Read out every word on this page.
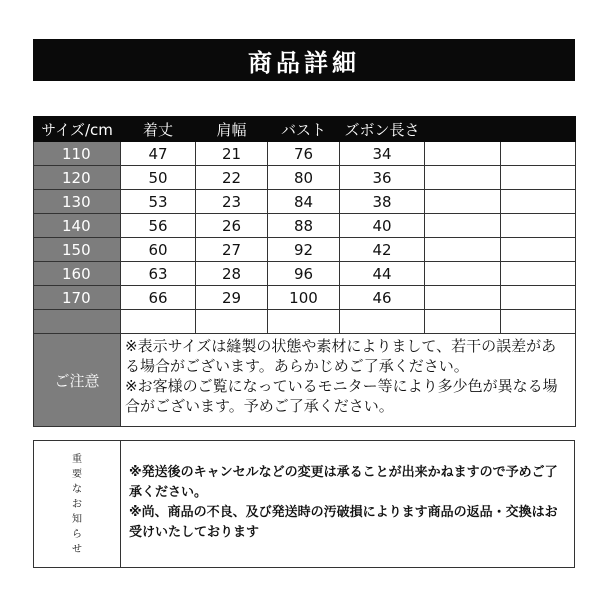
商品詳細
サイズ/cm	着丈	肩幅	バスト	ズボン長さ		
110	47	21	76	34		
120	50	22	80	36		
130	53	23	84	38		
140	56	26	88	40		
150	60	27	92	42		
160	63	28	96	44		
170	66	29	100	46		

ご注意	※表示サイズは縫製の状態や素材によりまして、若干の誤差がある場合がございます。あらかじめご了承ください。
※お客様のご覧になっているモニター等により多少色が異なる場合がございます。予めご了承ください。					
重
要
な
お
知
ら
せ

※発送後のキャンセルなどの変更は承ることが出来かねますので予めご了承ください。

※尚、商品の不良、及び発送時の汚破損によります商品の返品・交換はお受けいたしております
